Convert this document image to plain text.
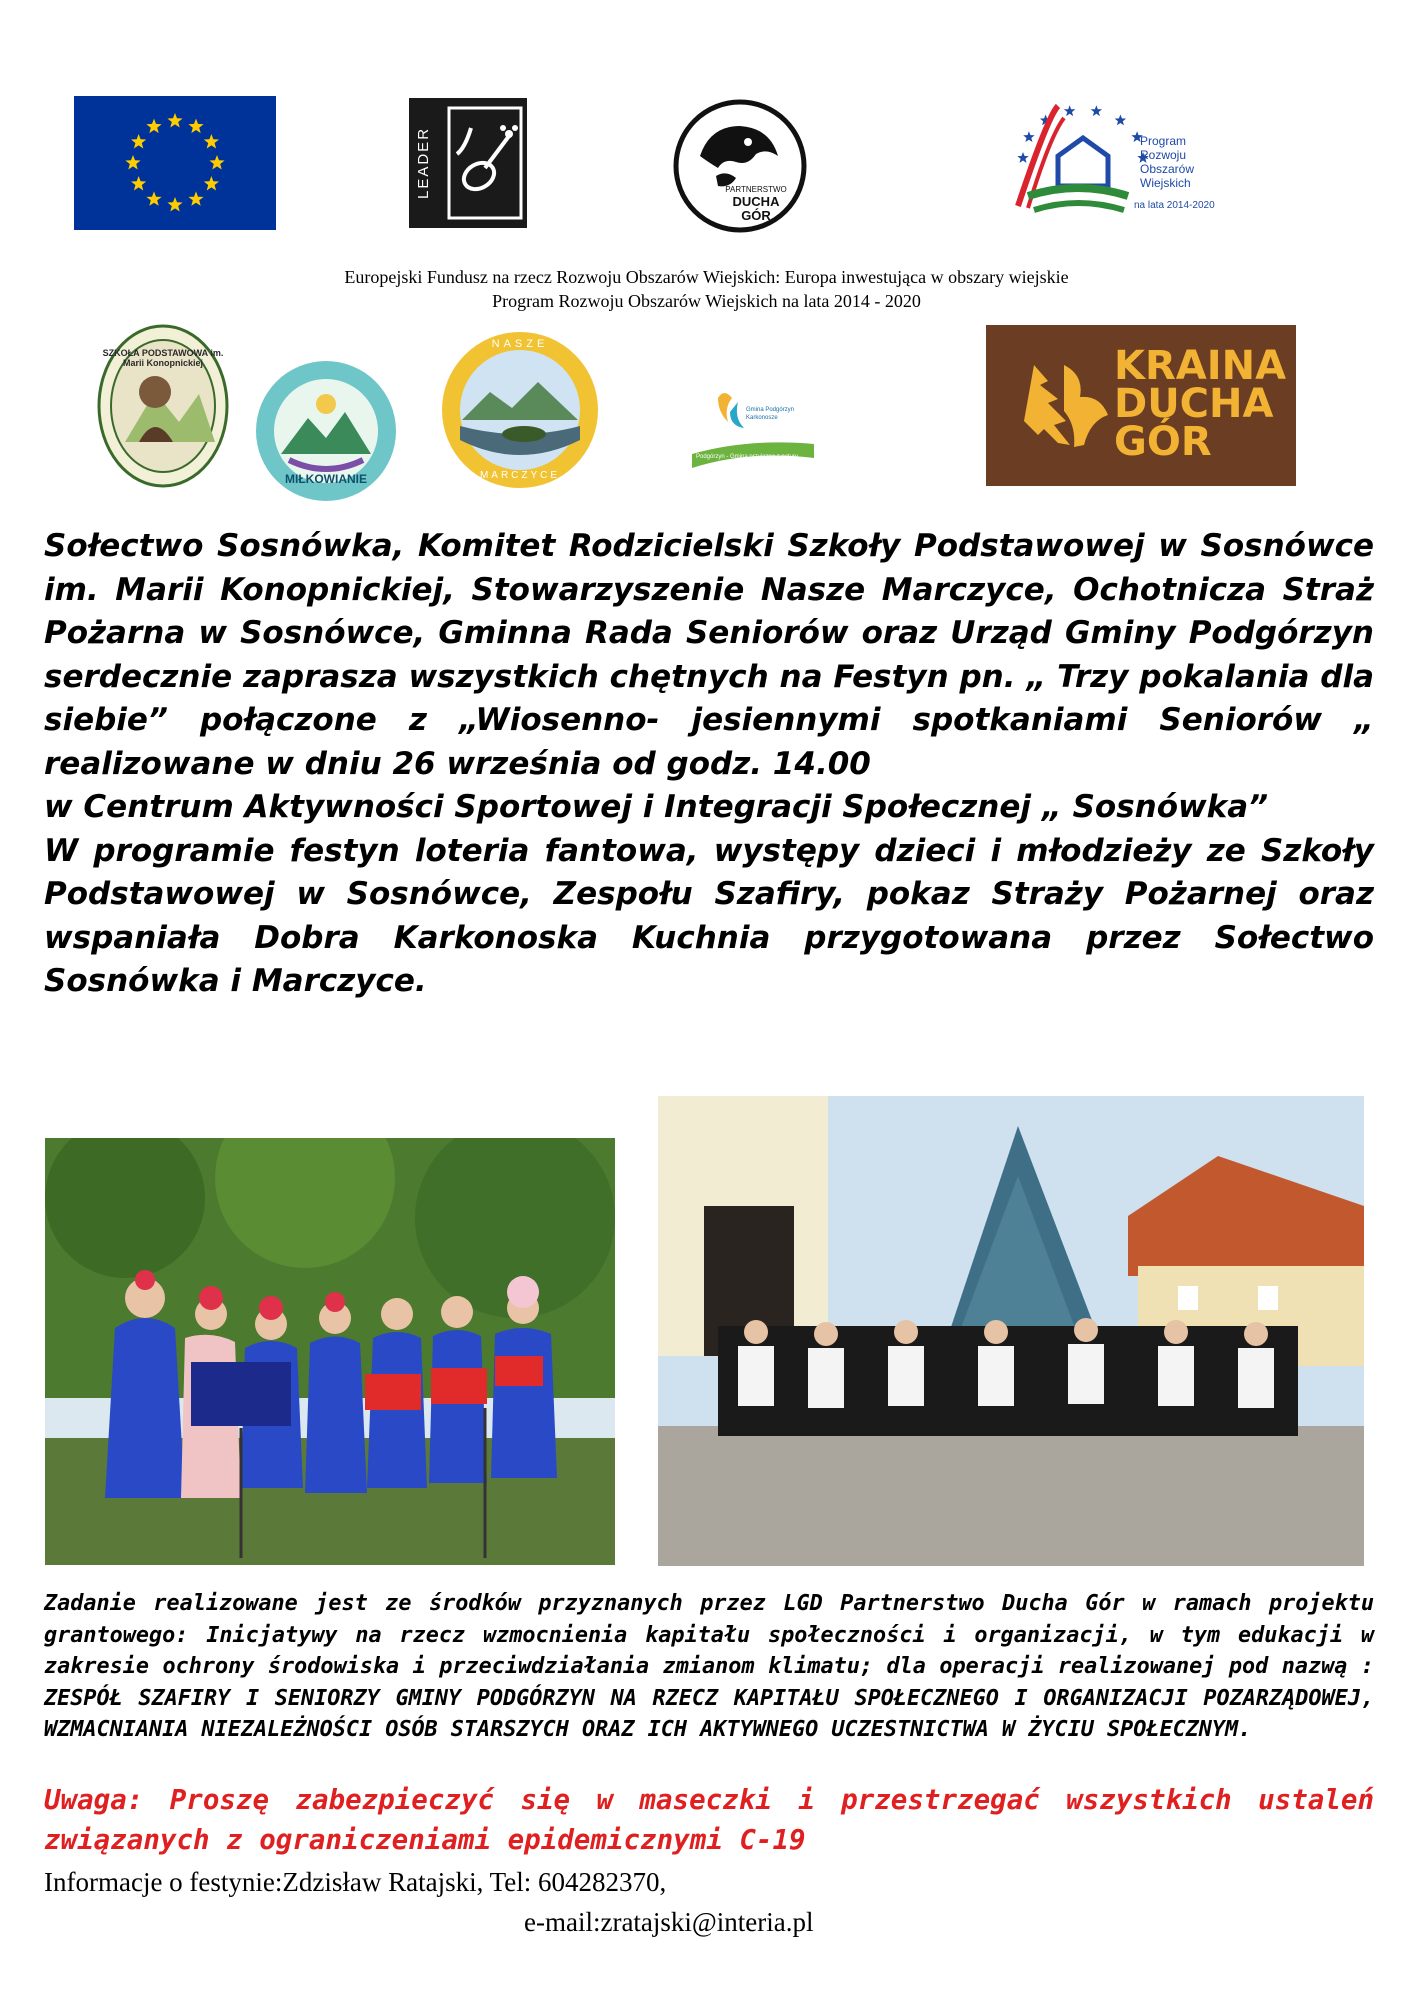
LEADER	PARTNERSTWO
DUCHA
GÓR
Program
Rozwoju
Obszarów
Wiejskich
na lata 2014-2020
Europejski Fundusz na rzecz Rozwoju Obszarów Wiejskich: Europa inwestująca w obszary wiejskie
Program Rozwoju Obszarów Wiejskich na lata 2014 - 2020
SZKOŁA PODSTAWOWA im. Marii Konopnickiej
MIŁKOWIANIE
NASZE
MARCZYCE
Gmina Podgórzyn Karkonosze
Podgórzyn - Gmina przyjazna z natury
KRAINA
DUCHA
GÓR

Sołectwo Sosnówka, Komitet Rodzicielski Szkoły Podstawowej w Sosnówce im. Marii Konopnickiej, Stowarzyszenie Nasze Marczyce, Ochotnicza Straż Pożarna w Sosnówce, Gminna Rada Seniorów oraz Urząd Gminy Podgórzyn serdecznie zaprasza wszystkich chętnych na Festyn pn. „ Trzy pokalania dla siebie” połączone z „Wiosenno- jesiennymi spotkaniami Seniorów „ realizowane w dniu 26 września od godz. 14.00

w Centrum Aktywności Sportowej i Integracji Społecznej „ Sosnówka”

W programie festyn loteria fantowa, występy dzieci i młodzieży ze Szkoły Podstawowej w Sosnówce, Zespołu Szafiry, pokaz Straży Pożarnej oraz wspaniała Dobra Karkonoska Kuchnia przygotowana przez Sołectwo Sosnówka i Marczyce.

Zadanie realizowane jest ze środków przyznanych przez LGD Partnerstwo Ducha Gór w ramach projektu grantowego: Inicjatywy na rzecz wzmocnienia kapitału społeczności i organizacji, w tym edukacji w zakresie ochrony środowiska i przeciwdziałania zmianom klimatu; dla operacji realizowanej pod nazwą : ZESPÓŁ SZAFIRY I SENIORZY GMINY PODGÓRZYN NA RZECZ KAPITAŁU SPOŁECZNEGO I ORGANIZACJI POZARZĄDOWEJ, WZMACNIANIA NIEZALEŻNOŚCI OSÓB STARSZYCH ORAZ ICH AKTYWNEGO UCZESTNICTWA W ŻYCIU SPOŁECZNYM.

Uwaga: Proszę zabezpieczyć się w maseczki i przestrzegać wszystkich ustaleń związanych z ograniczeniami epidemicznymi C-19

Informacje o festynie:Zdzisław Ratajski, Tel: 604282370,
e-mail:zratajski@interia.pl
